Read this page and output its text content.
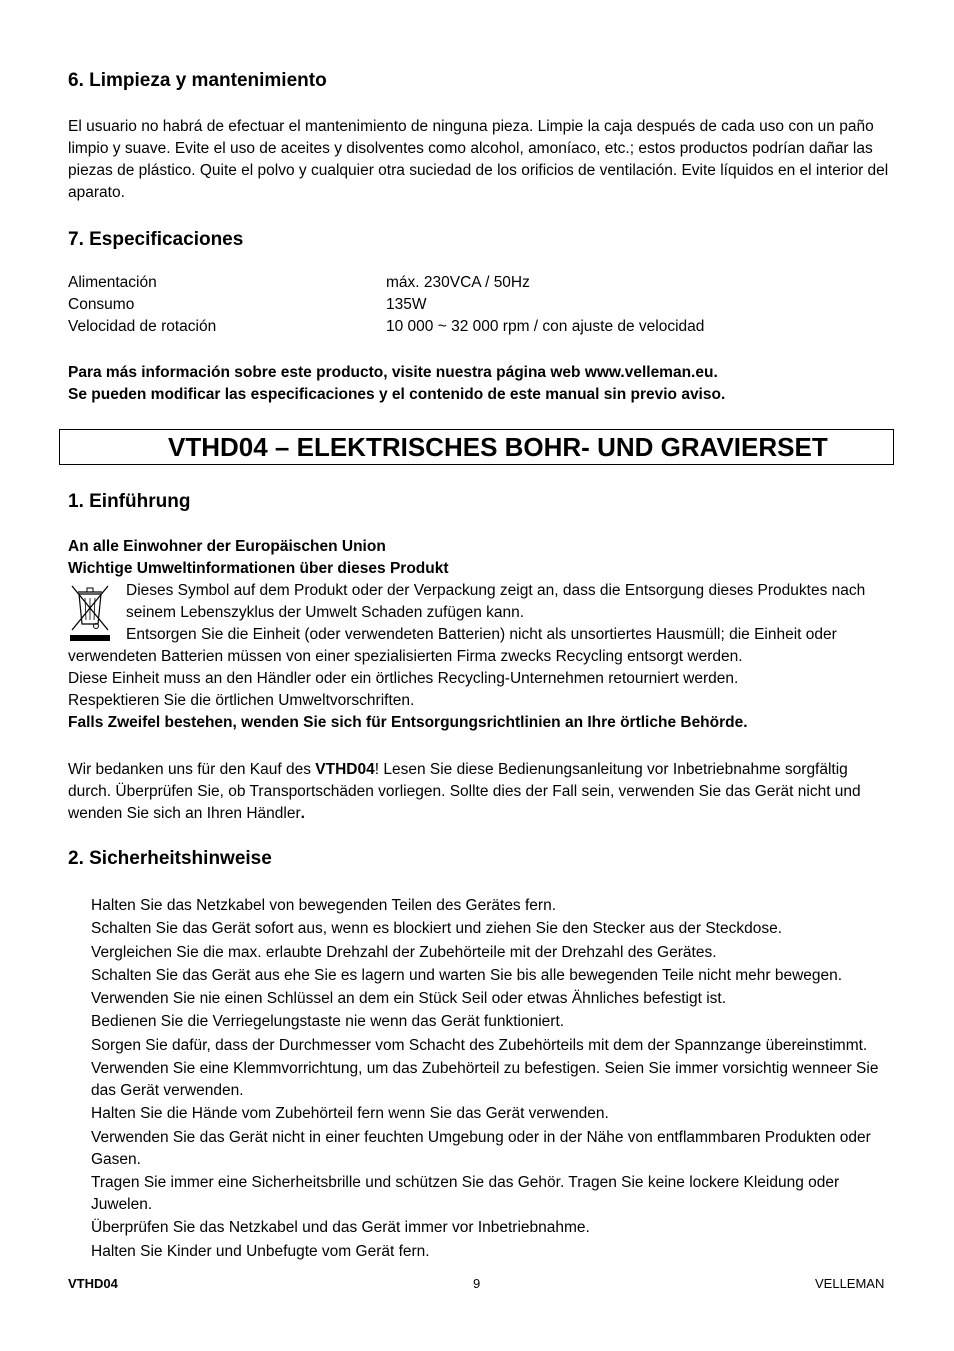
6. Limpieza y mantenimiento
El usuario no habrá de efectuar el mantenimiento de ninguna pieza. Limpie la caja después de cada uso con un paño limpio y suave. Evite el uso de aceites y disolventes como alcohol, amoníaco, etc.; estos productos podrían dañar las piezas de plástico. Quite el polvo y cualquier otra suciedad de los orificios de ventilación. Evite líquidos en el interior del aparato.
7. Especificaciones
Alimentación	máx. 230VCA / 50Hz
Consumo	135W
Velocidad de rotación	10 000 ~ 32 000 rpm / con ajuste de velocidad
Para más información sobre este producto, visite nuestra página web www.velleman.eu.
Se pueden modificar las especificaciones y el contenido de este manual sin previo aviso.
VTHD04 – ELEKTRISCHES BOHR- UND GRAVIERSET
1. Einführung
An alle Einwohner der Europäischen Union
Wichtige Umweltinformationen über dieses Produkt
Dieses Symbol auf dem Produkt oder der Verpackung zeigt an, dass die Entsorgung dieses Produktes nach
seinem Lebenszyklus der Umwelt Schaden zufügen kann.
Entsorgen Sie die Einheit (oder verwendeten Batterien) nicht als unsortiertes Hausmüll; die Einheit oder
verwendeten Batterien müssen von einer spezialisierten Firma zwecks Recycling entsorgt werden.
Diese Einheit muss an den Händler oder ein örtliches Recycling-Unternehmen retourniert werden.
Respektieren Sie die örtlichen Umweltvorschriften.
Falls Zweifel bestehen, wenden Sie sich für Entsorgungsrichtlinien an Ihre örtliche Behörde.
Wir bedanken uns für den Kauf des VTHD04! Lesen Sie diese Bedienungsanleitung vor Inbetriebnahme sorgfältig durch. Überprüfen Sie, ob Transportschäden vorliegen. Sollte dies der Fall sein, verwenden Sie das Gerät nicht und wenden Sie sich an Ihren Händler.
2. Sicherheitshinweise
Halten Sie das Netzkabel von bewegenden Teilen des Gerätes fern.
Schalten Sie das Gerät sofort aus, wenn es blockiert und ziehen Sie den Stecker aus der Steckdose.
Vergleichen Sie die max. erlaubte Drehzahl der Zubehörteile mit der Drehzahl des Gerätes.
Schalten Sie das Gerät aus ehe Sie es lagern und warten Sie bis alle bewegenden Teile nicht mehr bewegen.
Verwenden Sie nie einen Schlüssel an dem ein Stück Seil oder etwas Ähnliches befestigt ist.
Bedienen Sie die Verriegelungstaste nie wenn das Gerät funktioniert.
Sorgen Sie dafür, dass der Durchmesser vom Schacht des Zubehörteils mit dem der Spannzange übereinstimmt.
Verwenden Sie eine Klemmvorrichtung, um das Zubehörteil zu befestigen. Seien Sie immer vorsichtig wenneer Sie das Gerät verwenden.
Halten Sie die Hände vom Zubehörteil fern wenn Sie das Gerät verwenden.
Verwenden Sie das Gerät nicht in einer feuchten Umgebung oder in der Nähe von entflammbaren Produkten oder Gasen.
Tragen Sie immer eine Sicherheitsbrille und schützen Sie das Gehör. Tragen Sie keine lockere Kleidung oder Juwelen.
Überprüfen Sie das Netzkabel und das Gerät immer vor Inbetriebnahme.
Halten Sie Kinder und Unbefugte vom Gerät fern.
VTHD04	9	VELLEMAN
